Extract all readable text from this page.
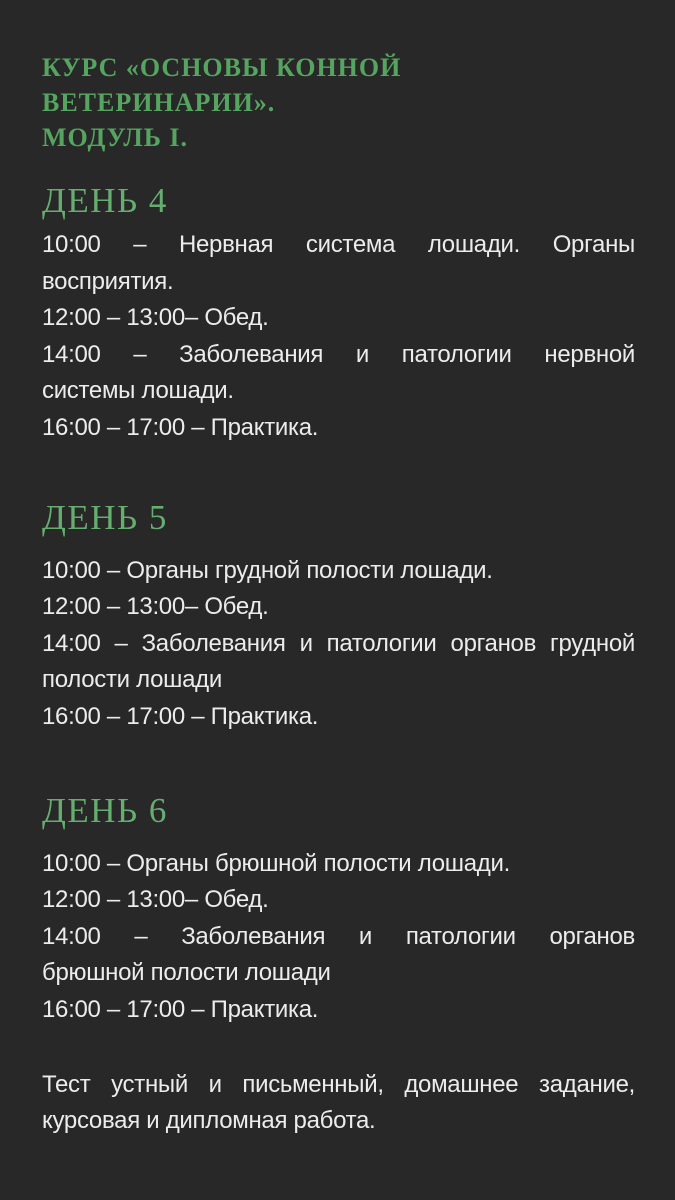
КУРС «ОСНОВЫ КОННОЙ ВЕТЕРИНАРИИ».
МОДУЛЬ I.
ДЕНЬ 4
10:00 – Нервная система лошади. Органы
восприятия.
12:00 – 13:00– Обед.
14:00 – Заболевания и патологии нервной
системы лошади.
16:00 – 17:00 – Практика.
ДЕНЬ 5
10:00 – Органы грудной полости лошади.
12:00 – 13:00– Обед.
14:00 – Заболевания и патологии органов грудной
полости лошади
16:00 – 17:00 – Практика.
ДЕНЬ 6
10:00 – Органы брюшной полости лошади.
12:00 – 13:00– Обед.
14:00 – Заболевания и патологии органов
брюшной полости лошади
16:00 – 17:00 – Практика.
Тест устный и письменный, домашнее задание,
курсовая и дипломная работа.
